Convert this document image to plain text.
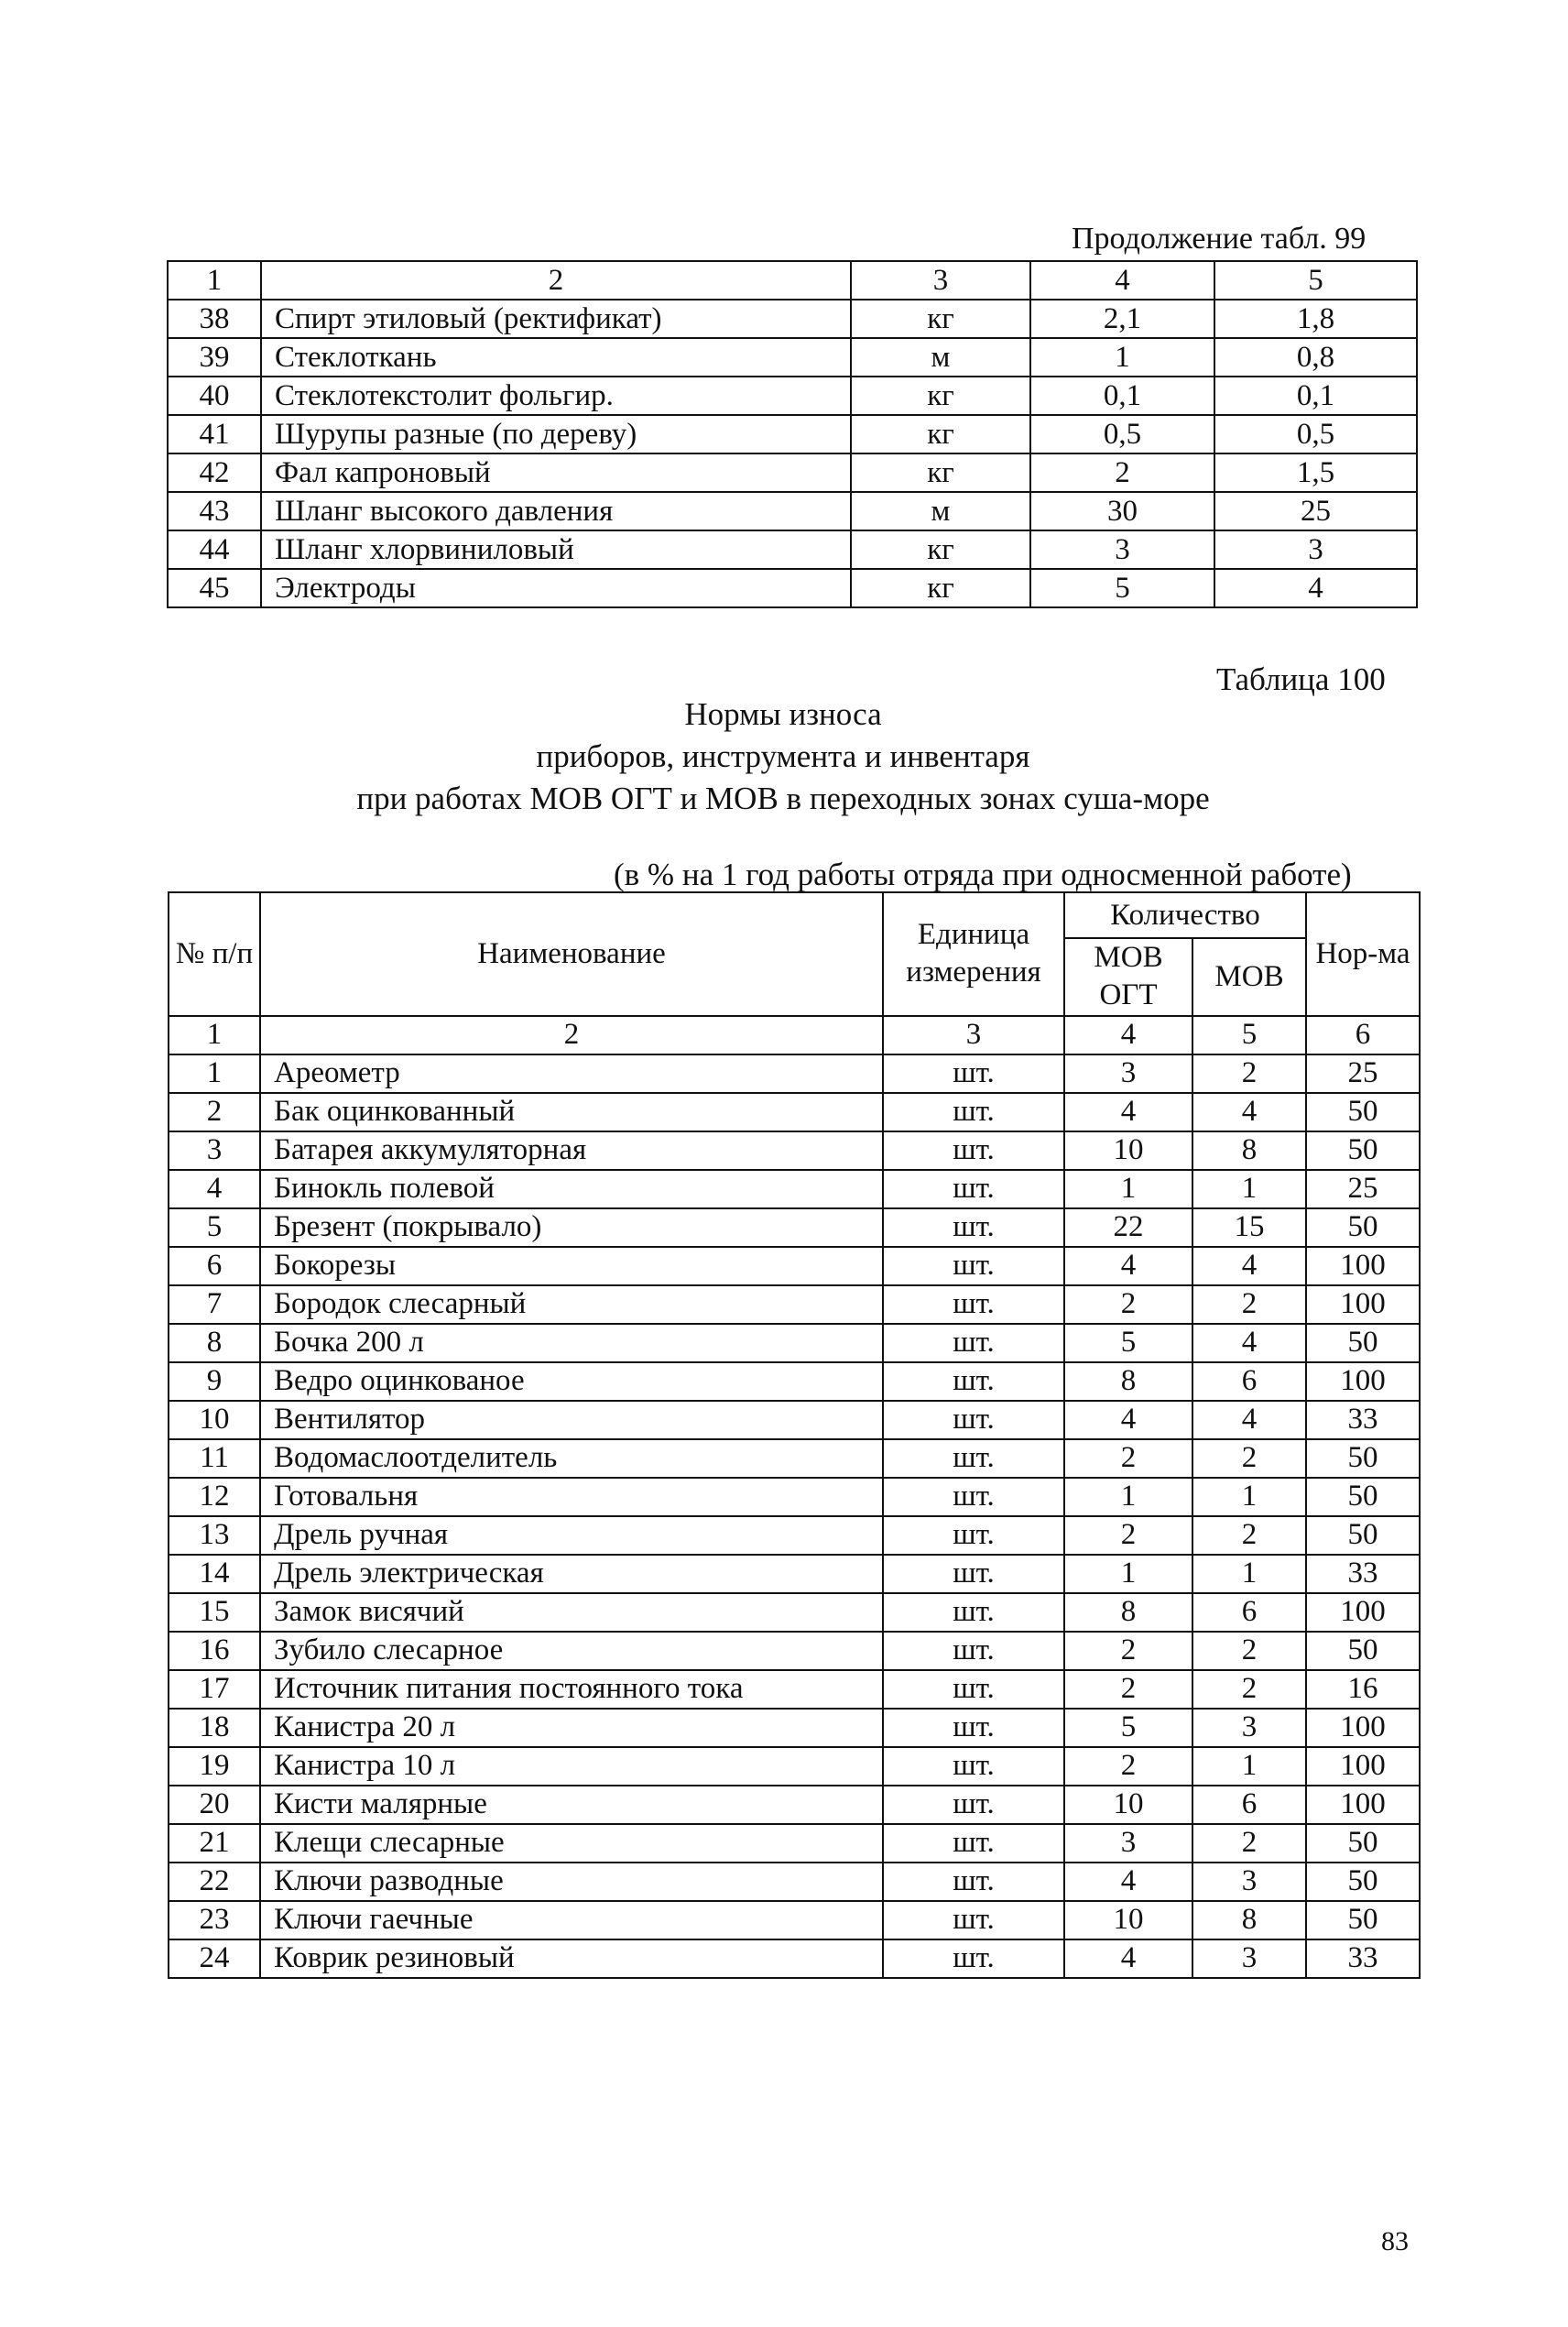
Продолжение табл. 99
1	2	3	4	5
38	Спирт этиловый (ректификат)	кг	2,1	1,8
39	Стеклоткань	м	1	0,8
40	Стеклотекстолит фольгир.	кг	0,1	0,1
41	Шурупы разные (по дереву)	кг	0,5	0,5
42	Фал капроновый	кг	2	1,5
43	Шланг высокого давления	м	30	25
44	Шланг хлорвиниловый	кг	3	3
45	Электроды	кг	5	4
Таблица 100
Нормы износа
приборов, инструмента и инвентаря
при работах МОВ ОГТ и МОВ в переходных зонах суша-море
(в % на 1 год работы отряда при односменной работе)
№ п/п	Наименование	Единица измерения	Количество		Нор-ма
			МОВ ОГТ	МОВ	
1	2	3	4	5	6
1	Ареометр	шт.	3	2	25
2	Бак оцинкованный	шт.	4	4	50
3	Батарея аккумуляторная	шт.	10	8	50
4	Бинокль полевой	шт.	1	1	25
5	Брезент (покрывало)	шт.	22	15	50
6	Бокорезы	шт.	4	4	100
7	Бородок слесарный	шт.	2	2	100
8	Бочка 200 л	шт.	5	4	50
9	Ведро оцинкованое	шт.	8	6	100
10	Вентилятор	шт.	4	4	33
11	Водомаслоотделитель	шт.	2	2	50
12	Готовальня	шт.	1	1	50
13	Дрель ручная	шт.	2	2	50
14	Дрель электрическая	шт.	1	1	33
15	Замок висячий	шт.	8	6	100
16	Зубило слесарное	шт.	2	2	50
17	Источник питания постоянного тока	шт.	2	2	16
18	Канистра 20 л	шт.	5	3	100
19	Канистра 10 л	шт.	2	1	100
20	Кисти малярные	шт.	10	6	100
21	Клещи слесарные	шт.	3	2	50
22	Ключи разводные	шт.	4	3	50
23	Ключи гаечные	шт.	10	8	50
24	Коврик резиновый	шт.	4	3	33
83
